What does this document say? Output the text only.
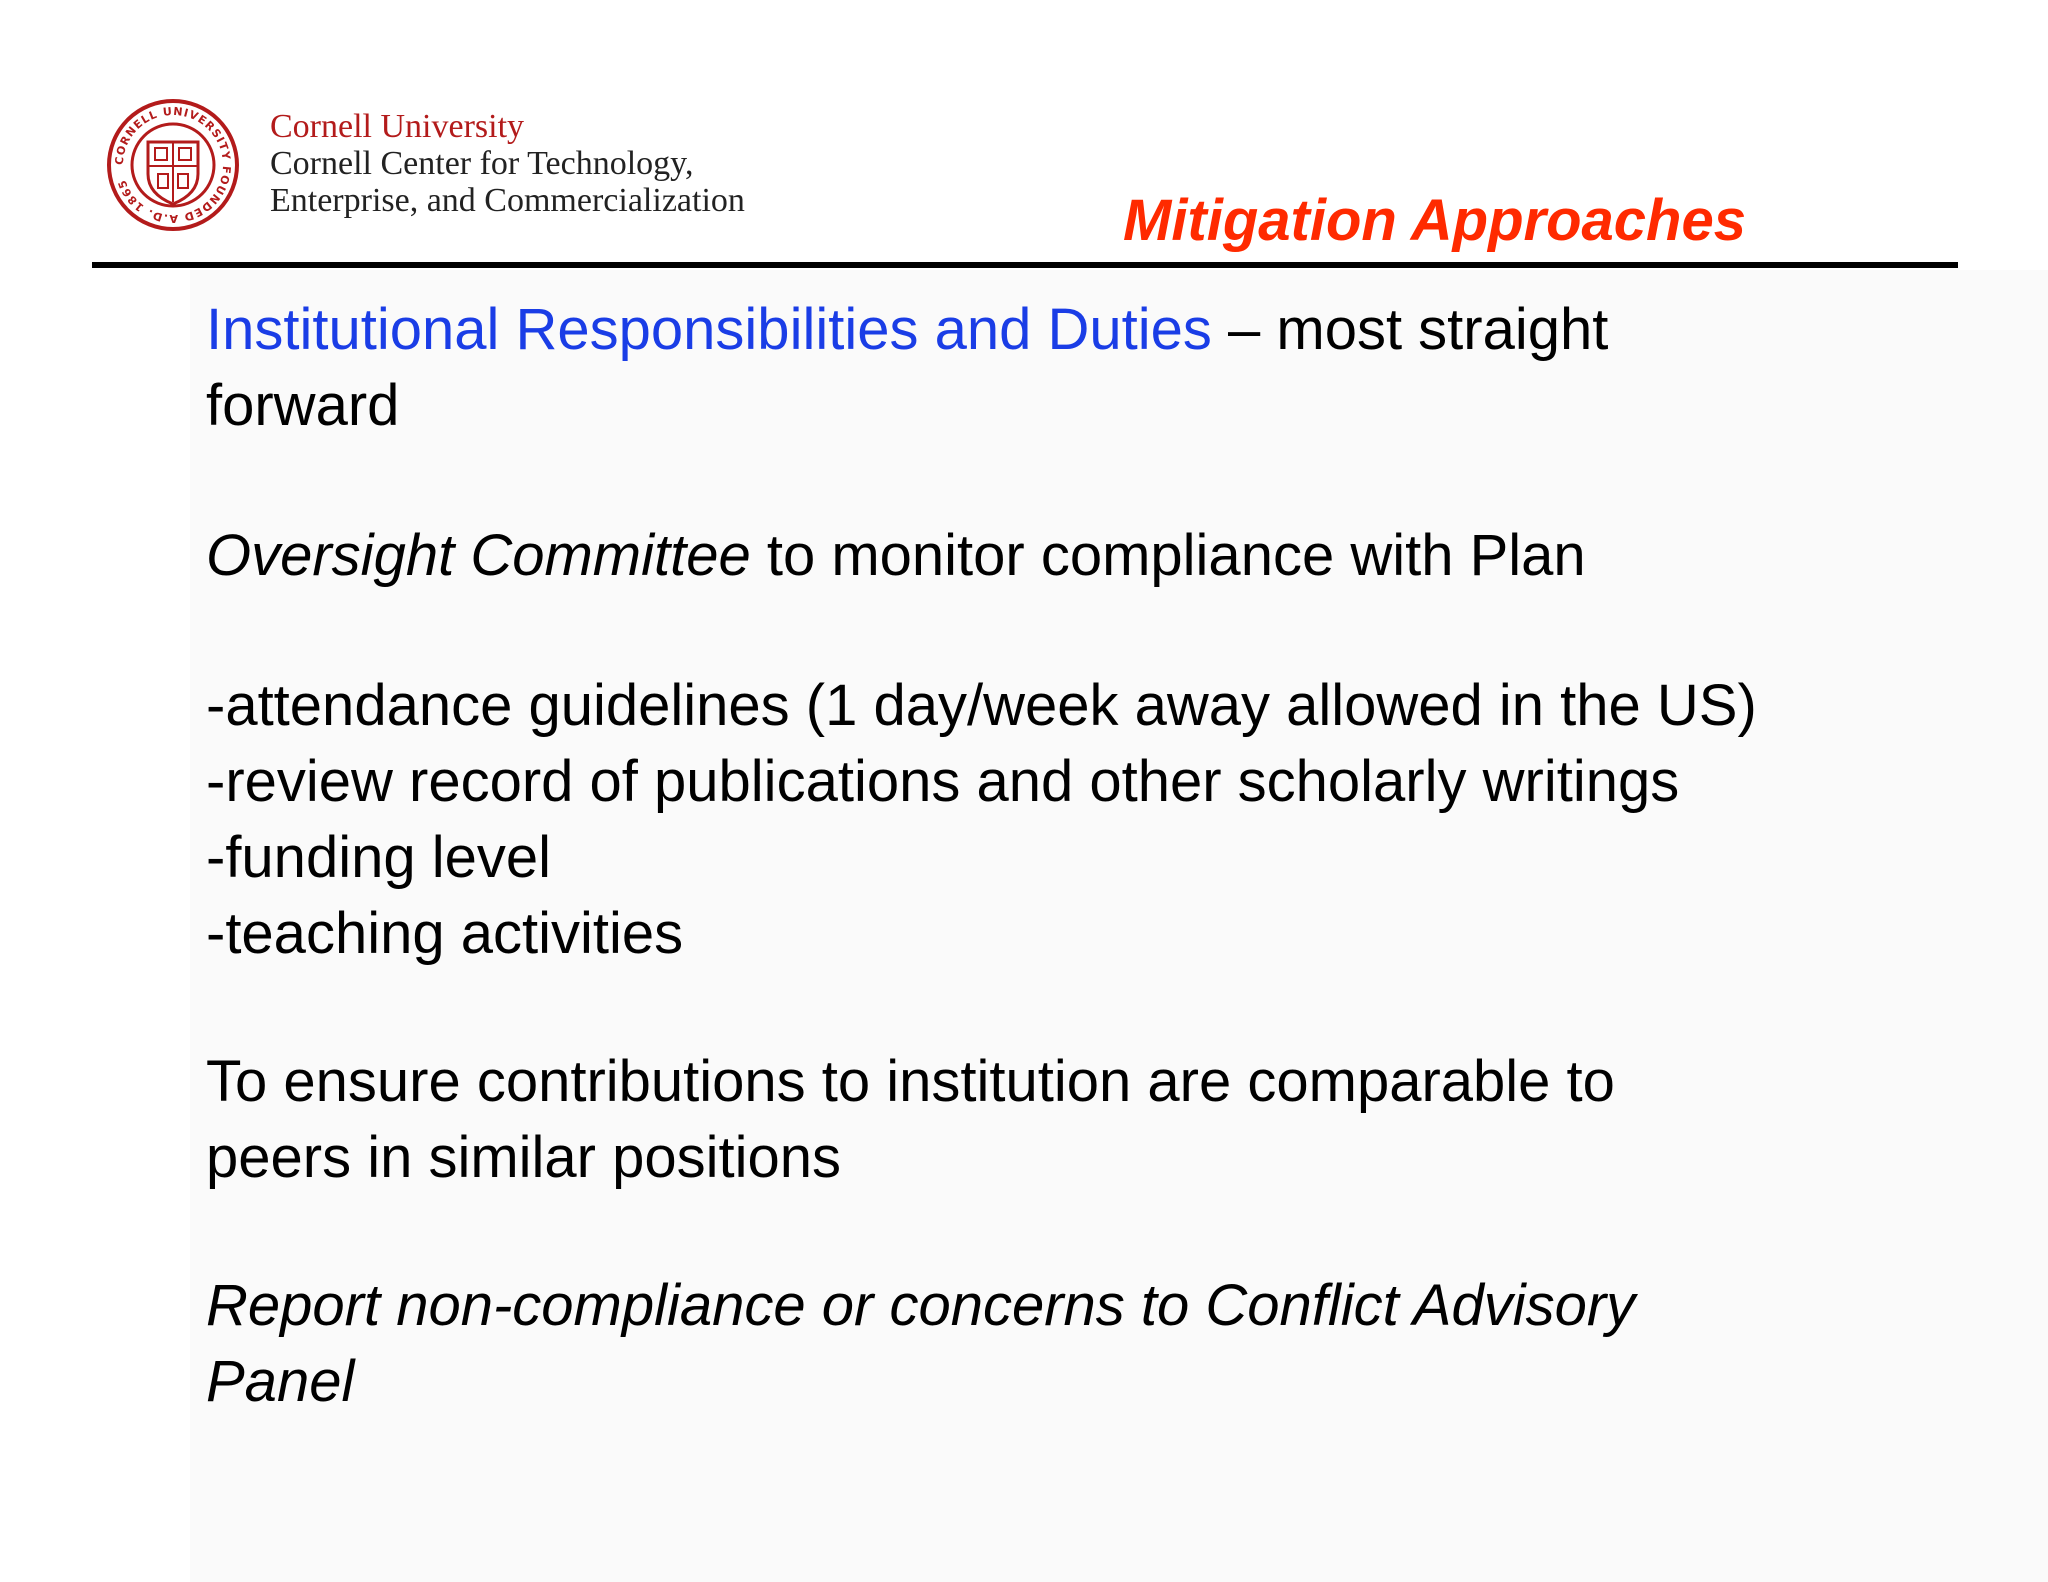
CORNELL UNIVERSITY FOUNDED A.D. 1865
Cornell University
Cornell Center for Technology,
Enterprise, and Commercialization	Mitigation Approaches

Institutional Responsibilities and Duties – most straight
forward

Oversight Committee to monitor compliance with Plan

-attendance guidelines (1 day/week away allowed in the US)
-review record of publications and other scholarly writings
-funding level
-teaching activities

To ensure contributions to institution are comparable to
peers in similar positions

Report non-compliance or concerns to Conflict Advisory
Panel
